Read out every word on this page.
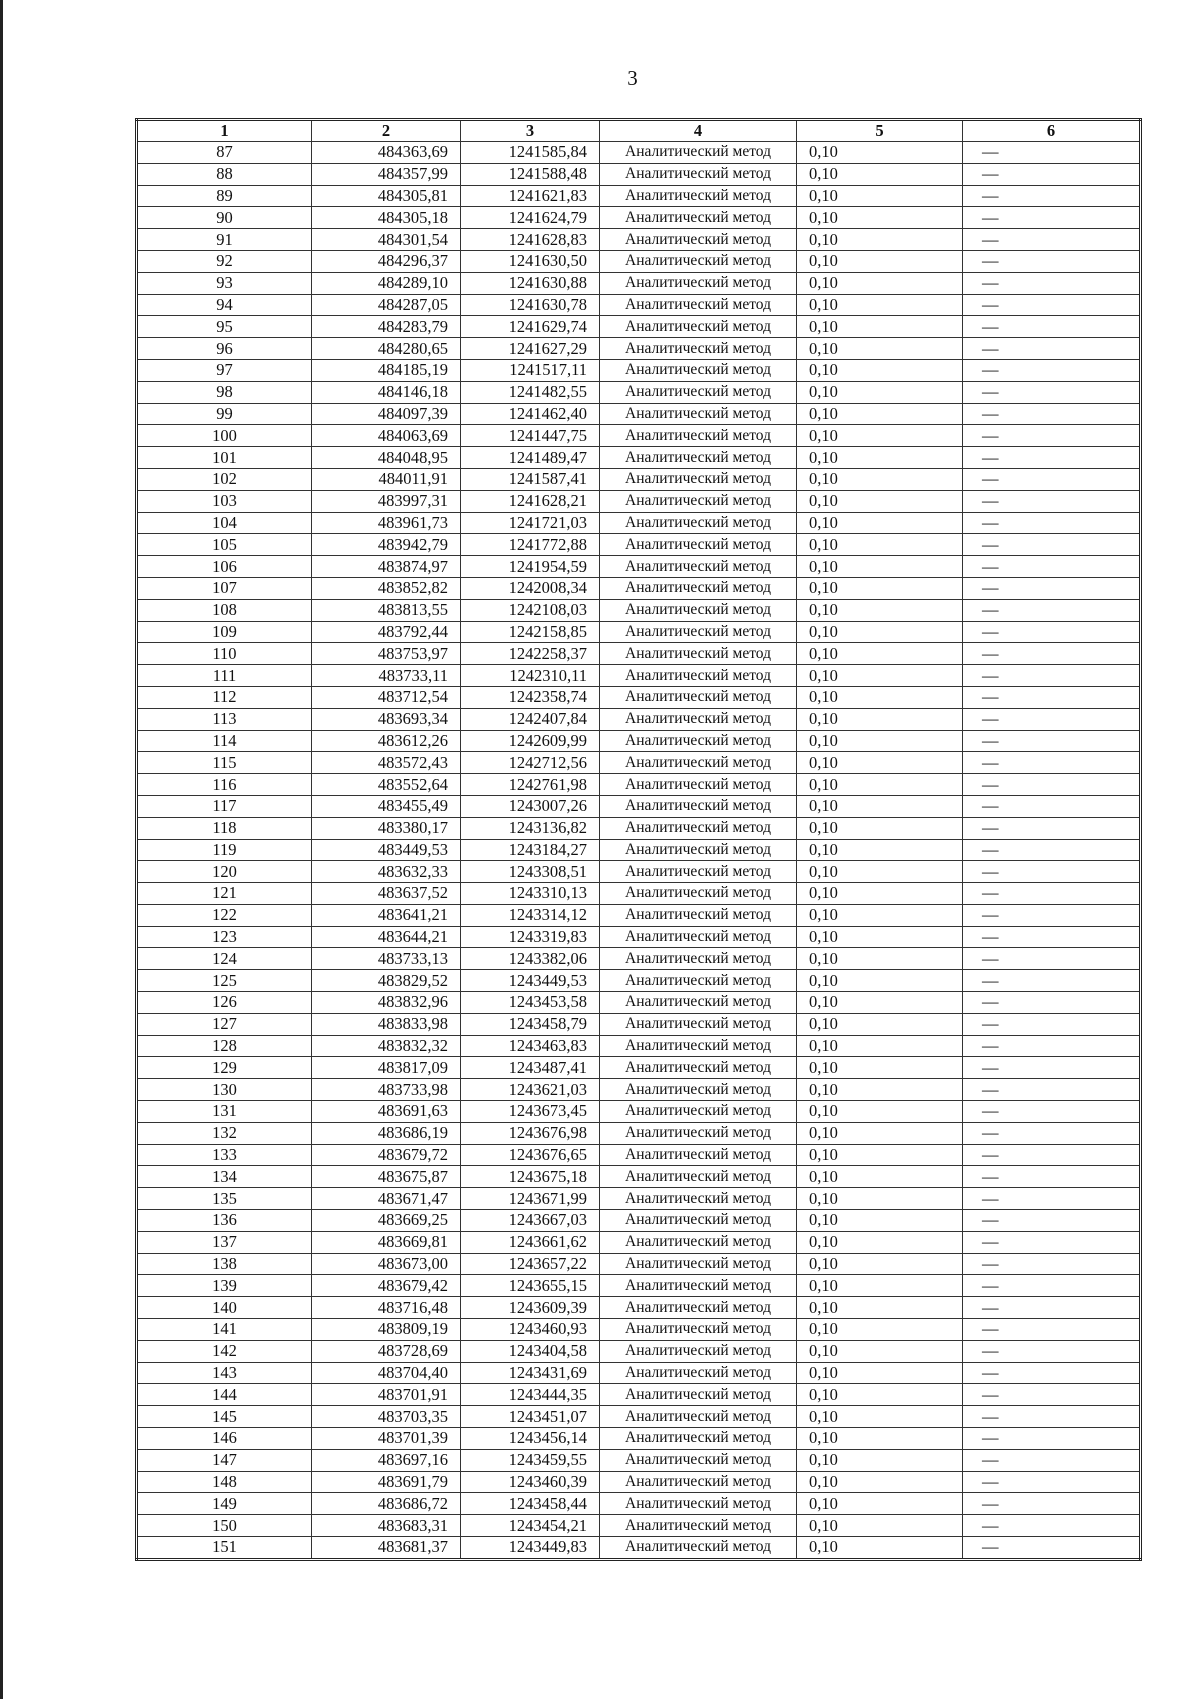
3
1	2	3	4	5	6
87	484363,69	1241585,84	Аналитический метод	0,10	—
88	484357,99	1241588,48	Аналитический метод	0,10	—
89	484305,81	1241621,83	Аналитический метод	0,10	—
90	484305,18	1241624,79	Аналитический метод	0,10	—
91	484301,54	1241628,83	Аналитический метод	0,10	—
92	484296,37	1241630,50	Аналитический метод	0,10	—
93	484289,10	1241630,88	Аналитический метод	0,10	—
94	484287,05	1241630,78	Аналитический метод	0,10	—
95	484283,79	1241629,74	Аналитический метод	0,10	—
96	484280,65	1241627,29	Аналитический метод	0,10	—
97	484185,19	1241517,11	Аналитический метод	0,10	—
98	484146,18	1241482,55	Аналитический метод	0,10	—
99	484097,39	1241462,40	Аналитический метод	0,10	—
100	484063,69	1241447,75	Аналитический метод	0,10	—
101	484048,95	1241489,47	Аналитический метод	0,10	—
102	484011,91	1241587,41	Аналитический метод	0,10	—
103	483997,31	1241628,21	Аналитический метод	0,10	—
104	483961,73	1241721,03	Аналитический метод	0,10	—
105	483942,79	1241772,88	Аналитический метод	0,10	—
106	483874,97	1241954,59	Аналитический метод	0,10	—
107	483852,82	1242008,34	Аналитический метод	0,10	—
108	483813,55	1242108,03	Аналитический метод	0,10	—
109	483792,44	1242158,85	Аналитический метод	0,10	—
110	483753,97	1242258,37	Аналитический метод	0,10	—
111	483733,11	1242310,11	Аналитический метод	0,10	—
112	483712,54	1242358,74	Аналитический метод	0,10	—
113	483693,34	1242407,84	Аналитический метод	0,10	—
114	483612,26	1242609,99	Аналитический метод	0,10	—
115	483572,43	1242712,56	Аналитический метод	0,10	—
116	483552,64	1242761,98	Аналитический метод	0,10	—
117	483455,49	1243007,26	Аналитический метод	0,10	—
118	483380,17	1243136,82	Аналитический метод	0,10	—
119	483449,53	1243184,27	Аналитический метод	0,10	—
120	483632,33	1243308,51	Аналитический метод	0,10	—
121	483637,52	1243310,13	Аналитический метод	0,10	—
122	483641,21	1243314,12	Аналитический метод	0,10	—
123	483644,21	1243319,83	Аналитический метод	0,10	—
124	483733,13	1243382,06	Аналитический метод	0,10	—
125	483829,52	1243449,53	Аналитический метод	0,10	—
126	483832,96	1243453,58	Аналитический метод	0,10	—
127	483833,98	1243458,79	Аналитический метод	0,10	—
128	483832,32	1243463,83	Аналитический метод	0,10	—
129	483817,09	1243487,41	Аналитический метод	0,10	—
130	483733,98	1243621,03	Аналитический метод	0,10	—
131	483691,63	1243673,45	Аналитический метод	0,10	—
132	483686,19	1243676,98	Аналитический метод	0,10	—
133	483679,72	1243676,65	Аналитический метод	0,10	—
134	483675,87	1243675,18	Аналитический метод	0,10	—
135	483671,47	1243671,99	Аналитический метод	0,10	—
136	483669,25	1243667,03	Аналитический метод	0,10	—
137	483669,81	1243661,62	Аналитический метод	0,10	—
138	483673,00	1243657,22	Аналитический метод	0,10	—
139	483679,42	1243655,15	Аналитический метод	0,10	—
140	483716,48	1243609,39	Аналитический метод	0,10	—
141	483809,19	1243460,93	Аналитический метод	0,10	—
142	483728,69	1243404,58	Аналитический метод	0,10	—
143	483704,40	1243431,69	Аналитический метод	0,10	—
144	483701,91	1243444,35	Аналитический метод	0,10	—
145	483703,35	1243451,07	Аналитический метод	0,10	—
146	483701,39	1243456,14	Аналитический метод	0,10	—
147	483697,16	1243459,55	Аналитический метод	0,10	—
148	483691,79	1243460,39	Аналитический метод	0,10	—
149	483686,72	1243458,44	Аналитический метод	0,10	—
150	483683,31	1243454,21	Аналитический метод	0,10	—
151	483681,37	1243449,83	Аналитический метод	0,10	—
